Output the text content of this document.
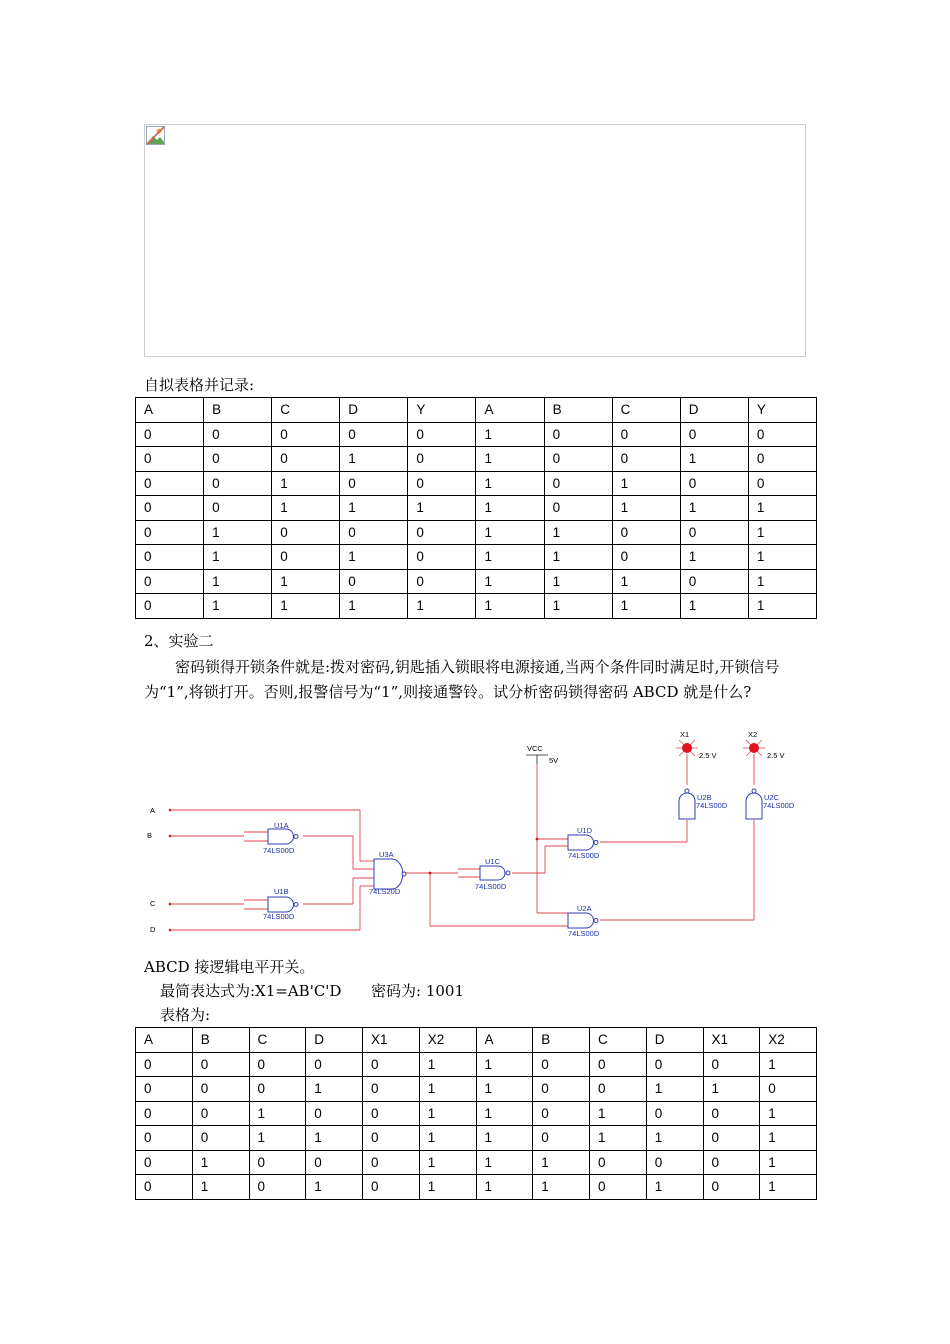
自拟表格并记录:
A	B	C	D	Y	A	B	C	D	Y
0	0	0	0	0	1	0	0	0	0
0	0	0	1	0	1	0	0	1	0
0	0	1	0	0	1	0	1	0	0
0	0	1	1	1	1	0	1	1	1
0	1	0	0	0	1	1	0	0	1
0	1	0	1	0	1	1	0	1	1
0	1	1	0	0	1	1	1	0	1
0	1	1	1	1	1	1	1	1	1
2、实验二
密码锁得开锁条件就是:拨对密码,钥匙插入锁眼将电源接通,当两个条件同时满足时,开锁信号为“1”,将锁打开。否则,报警信号为“1”,则接通警铃。试分析密码锁得密码 ABCD 就是什么?
A
B
C
D
VCC
5V
X1
2.5 V
X2
2.5 V
U1A
74LS00D
U1B
74LS00D
U3A
74LS20D
U1C
74LS00D
U1D
74LS00D
U2A
74LS00D
U2B
74LS00D
U2C
74LS00D
ABCD 接逻辑电平开关。
最简表达式为:X1=AB'C'D 密码为: 1001
表格为:
A	B	C	D	X1	X2	A	B	C	D	X1	X2
0	0	0	0	0	1	1	0	0	0	0	1
0	0	0	1	0	1	1	0	0	1	1	0
0	0	1	0	0	1	1	0	1	0	0	1
0	0	1	1	0	1	1	0	1	1	0	1
0	1	0	0	0	1	1	1	0	0	0	1
0	1	0	1	0	1	1	1	0	1	0	1
